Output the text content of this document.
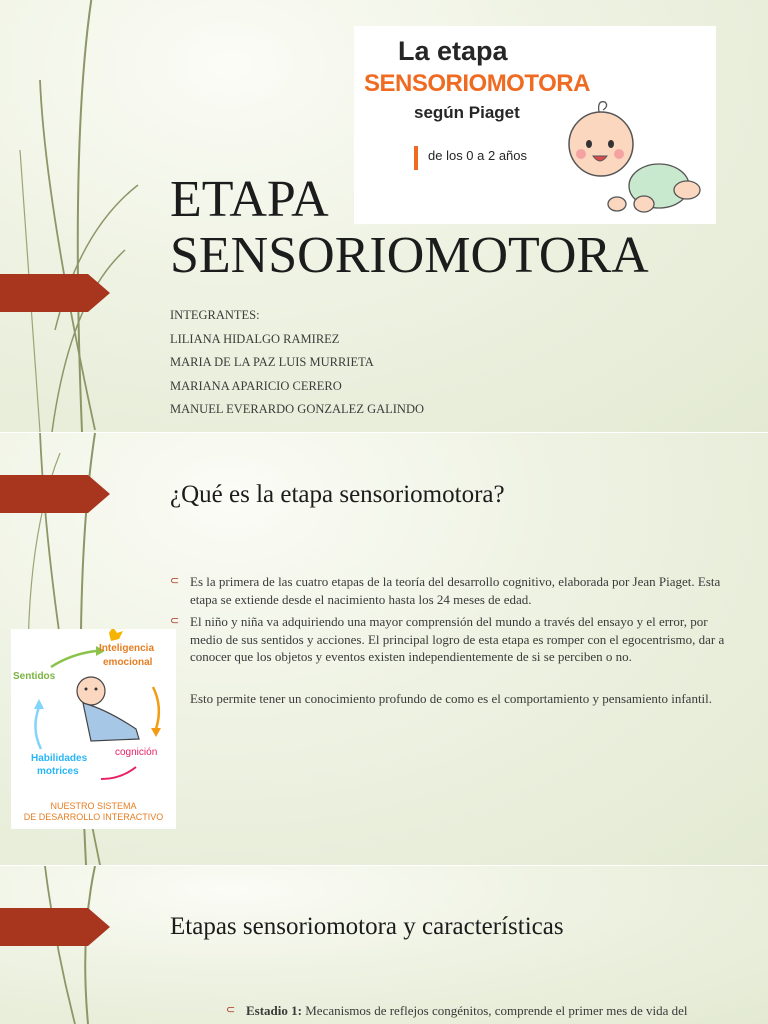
ETAPA
SENSORIOMOTORA
INTEGRANTES:
LILIANA HIDALGO RAMIREZ
MARIA DE LA PAZ LUIS MURRIETA
MARIANA APARICIO CERERO
MANUEL EVERARDO GONZALEZ GALINDO
La etapa
SENSORIOMOTORA
según Piaget
de los 0 a 2 años
¿Qué es la etapa sensoriomotora?
⊂ Es la primera de las cuatro etapas de la teoría del desarrollo cognitivo, elaborada por Jean Piaget. Esta etapa se extiende desde el nacimiento hasta los 24 meses de edad.

⊂ El niño y niña va adquiriendo una mayor comprensión del mundo a través del ensayo y el error, por medio de sus sentidos y acciones. El principal logro de esta etapa es romper con el egocentrismo, dar a conocer que los objetos y eventos existen independientemente de si se perciben o no.

Esto permite tener un conocimiento profundo de como es el comportamiento y pensamiento infantil.

Inteligencia
emocional
Sentidos
cognición
Habilidades
motrices
NUESTRO SISTEMA
DE DESARROLLO INTERACTIVO
Etapas sensoriomotora y características
⊂ Estadio 1: Mecanismos de reflejos congénitos, comprende el primer mes de vida del
